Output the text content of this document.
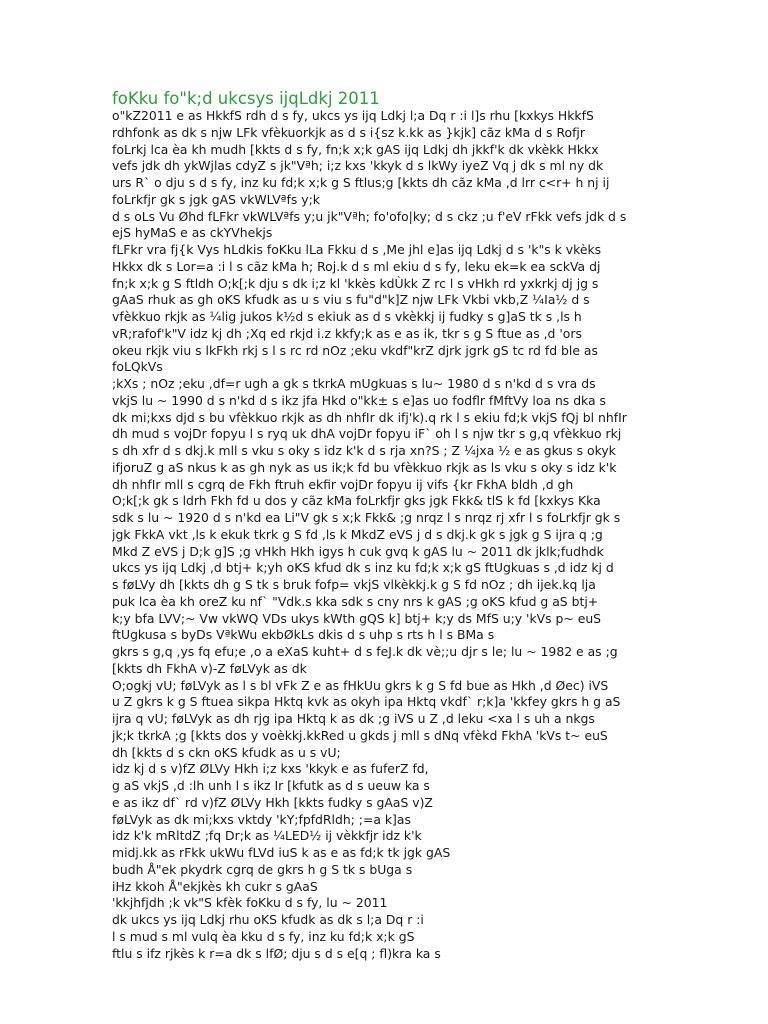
foKku fo"k;d ukcsys ijqLdkj 2011
o"kZ2011 e as HkkfS rdh d s fy, ukcs ys ijq Ldkj l;a Dq r :i l]s rhu [kxkys HkkfS
rdhfonk as dk s njw LFk vfèkuorkjk as d s i{sz k.kk as }kjk] cãz kMa d s Rofjr
foLrkj lca èa kh mudh [kkts d s fy, fn;k x;k gAS ijq Ldkj dh jkkf'k dk vkèkk Hkkx
vefs jdk dh ykWjlas cdyZ s jk"Vªh; i;z kxs 'kkyk d s lkWy iyeZ Vq j dk s ml ny dk
urs R` o dju s d s fy, inz ku fd;k x;k g S ftlus;g [kkts dh cãz kMa ,d lrr c<r+ h nj ij
foLrkfjr gk s jgk gAS vkWLVªfs y;k
d s oLs Vu Øhd fLFkr vkWLVªfs y;u jk"Vªh; fo'ofo|ky; d s ckz ;u f'eV rFkk vefs jdk d s
ejS hyMaS e as ckYVhekjs
fLFkr vra fj{k Vys hLdkis foKku lLa Fkku d s ,Me jhl e]as ijq Ldkj d s 'k"s k vkèks
Hkkx dk s Lor=a :i l s cãz kMa h; Roj.k d s ml ekiu d s fy, leku ek=k ea sckVa dj
fn;k x;k g S ftldh O;k[;k dju s dk i;z kl 'kkès kdÙkk Z rc l s vHkh rd yxkrkj dj jg s
gAaS rhuk as gh oKS kfudk as u s viu s fu"d"k]Z njw LFk Vkbi vkb,Z ¼Ia½ d s
vfèkkuo rkjk as ¼lig jukos k½d s ekiuk as d s vkèkkj ij fudky s g]aS tk s ,ls h
vR;rafof'k"V idz kj dh ;Xq ed rkjd i.z kkfy;k as e as ik, tkr s g S ftue as ,d 'ors
okeu rkjk viu s lkFkh rkj s l s rc rd nOz ;eku vkdf"krZ djrk jgrk gS tc rd fd ble as
foLQkVs
;kXs ; nOz ;eku ,df=r ugh a gk s tkrkA mUgkuas s lu~ 1980 d s n'kd d s vra ds
vkjS lu ~ 1990 d s n'kd d s ikz jfa Hkd o"kk± s e]as uo fodflr fMftVy loa ns dka s
dk mi;kxs djd s bu vfèkkuo rkjk as dh nhfIr dk ifj'k).q rk l s ekiu fd;k vkjS fQj bl nhfIr
dh mud s vojDr fopyu l s ryq uk dhA vojDr fopyu iF` oh l s njw tkr s g,q vfèkkuo rkj
s dh xfr d s dkj.k mll s vku s oky s idz k'k d s rja xn?S ; Z ¼jxa ½ e as gkus s okyk
ifjoruZ g aS nkus k as gh nyk as us ik;k fd bu vfèkkuo rkjk as ls vku s oky s idz k'k
dh nhfIr mll s cgrq de Fkh ftruh ekfir vojDr fopyu ij vifs {kr FkhA bldh ,d gh
O;k[;k gk s ldrh Fkh fd u dos y cãz kMa foLrkfjr gks jgk Fkk& tlS k fd [kxkys Kka
sdk s lu ~ 1920 d s n'kd ea Li"V gk s x;k Fkk& ;g nrqz l s nrqz rj xfr l s foLrkfjr gk s
jgk FkkA vkt ,ls k ekuk tkrk g S fd ,ls k MkdZ eVS j d s dkj.k gk s jgk g S ijra q ;g
Mkd Z eVS j D;k g]S ;g vHkh Hkh igys h cuk gvq k gAS lu ~ 2011 dk jklk;fudhdk
ukcs ys ijq Ldkj ,d btj+ k;yh oKS kfud dk s inz ku fd;k x;k gS ftUgkuas s ,d idz kj d
s føLVy dh [kkts dh g S tk s bruk fofp= vkjS vlkèkkj.k g S fd nOz ; dh ijek.kq lja
puk lca èa kh oreZ ku nf` "Vdk.s kka sdk s cny nrs k gAS ;g oKS kfud g aS btj+
k;y bfa LVV;~ Vw vkWQ VDs ukys kWth gQS k] btj+ k;y ds MfS u;y 'kVs p~ euS
ftUgkusa s byDs VªkWu ekbØkLs dkis d s uhp s rts h l s BMa s
gkrs s g,q ,ys fq efu;e ,o a eXaS kuht+ d s feJ.k dk vè;;u djr s le; lu ~ 1982 e as ;g
[kkts dh FkhA v)-Z føLVyk as dk
O;ogkj vU; føLVyk as l s bl vFk Z e as fHkUu gkrs k g S fd bue as Hkh ,d Øec) iVS
u Z gkrs k g S ftuea sikpa Hktq kvk as okyh ipa Hktq vkdf` r;k]a 'kkfey gkrs h g aS
ijra q vU; føLVyk as dh rjg ipa Hktq k as dk ;g iVS u Z ,d leku <xa l s uh a nkgs
jk;k tkrkA ;g [kkts dos y voèkkj.kkRed u gkds j mll s dNq vfèkd FkhA 'kVs t~ euS
dh [kkts d s ckn oKS kfudk as u s vU;
idz kj d s v)fZ ØLVy Hkh i;z kxs 'kkyk e as fuferZ fd,
g aS vkjS ,d :lh unh l s ikz Ir [kfutk as d s ueuw ka s
e as ikz df` rd v)fZ ØLVy Hkh [kkts fudky s gAaS v)Z
føLVyk as dk mi;kxs vktdy 'kY;fpfdRldh; ;=a k]as
idz k'k mRltdZ ;fq Dr;k as ¼LED½ ij vèkkfjr idz k'k
midj.kk as rFkk ukWu fLVd iuS k as e as fd;k tk jgk gAS
budh Å"ek pkydrk cgrq de gkrs h g S tk s bUga s
iHz kkoh Å"ekjkès kh cukr s gAaS
'kkjhfjdh ;k vk"S kfèk foKku d s fy, lu ~ 2011
dk ukcs ys ijq Ldkj rhu oKS kfudk as dk s l;a Dq r :i
l s mud s ml vulq èa kku d s fy, inz ku fd;k x;k gS
ftlu s ifz rjkès k r=a dk s lfØ; dju s d s e[q ; fl)kra ka s
